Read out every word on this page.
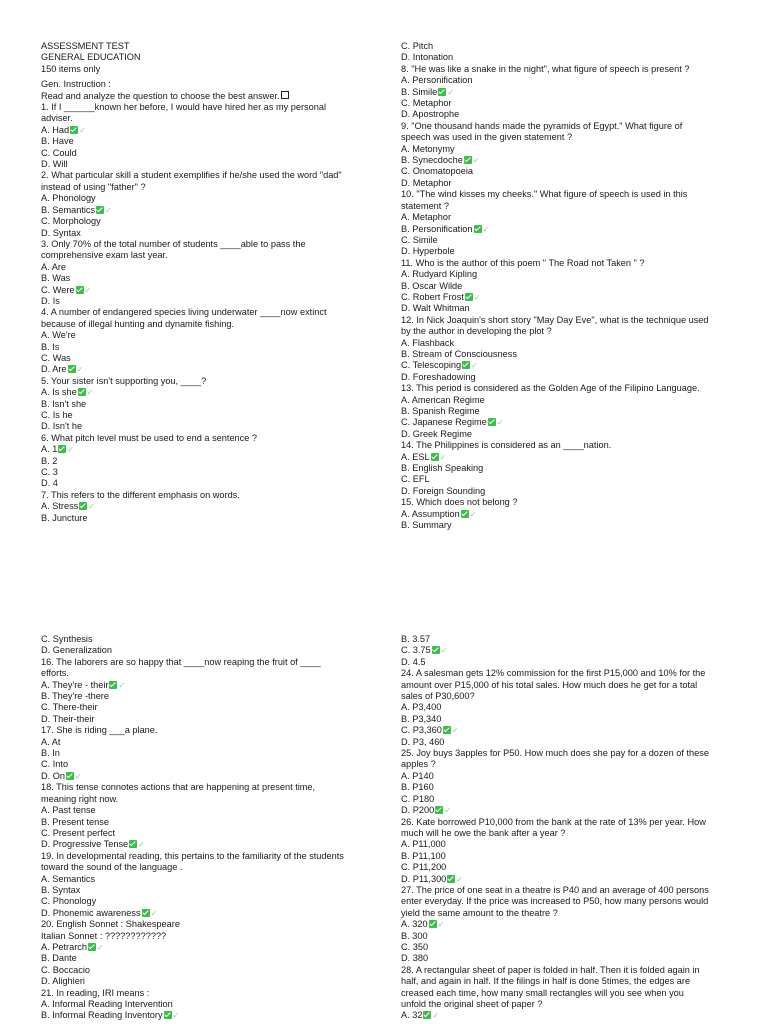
ASSESSMENT TEST
GENERAL EDUCATION
150 items only
Gen. Instruction :
Read and analyze the question to choose the best answer.
1. If I ______known her before, I would have hired her as my personal
adviser.
A. Had ✓
B. Have
C. Could
D. Will
2. What particular skill a student exemplifies if he/she used the word "dad"
instead of using "father" ?
A. Phonology
B. Semantics ✓
C. Morphology
D. Syntax
3. Only 70% of the total number of students ____able to pass the
comprehensive exam last year.
A. Are
B. Was
C. Were ✓
D. Is
4. A number of endangered species living underwater ____now extinct
because of illegal hunting and dynamite fishing.
A. We're
B. Is
C. Was
D. Are ✓
5. Your sister isn't supporting you, ____?
A. Is she ✓
B. Isn't she
C. Is he
D. Isn't he
6. What pitch level must be used to end a sentence ?
A. 1 ✓
B. 2
C. 3
D. 4
7. This refers to the different emphasis on words.
A. Stress ✓
B. Juncture
C. Pitch
D. Intonation
8. "He was like a snake in the night", what figure of speech is present ?
A. Personification
B. Simile ✓
C. Metaphor
D. Apostrophe
9. "One thousand hands made the pyramids of Egypt." What figure of
speech was used in the given statement ?
A. Metonymy
B. Synecdoche ✓
C. Onomatopoeia
D. Metaphor
10. "The wind kisses my cheeks." What figure of speech is used in this
statement ?
A. Metaphor
B. Personification ✓
C. Simile
D. Hyperbole
11. Who is the author of this poem " The Road not Taken " ?
A. Rudyard Kipling
B. Oscar Wilde
C. Robert Frost ✓
D. Walt Whitman
12. In Nick Joaquin's short story "May Day Eve", what is the technique used
by the author in developing the plot ?
A. Flashback
B. Stream of Consciousness
C. Telescoping ✓
D. Foreshadowing
13. This period is considered as the Golden Age of the Filipino Language.
A. American Regime
B. Spanish Regime
C. Japanese Regime ✓
D. Greek Regime
14. The Philippines is considered as an ____nation.
A. ESL ✓
B. English Speaking
C. EFL
D. Foreign Sounding
15. Which does not belong ?
A. Assumption ✓
B. Summary
C. Synthesis
D. Generalization
16. The laborers are so happy that ____now reaping the fruit of ____
efforts.
A. They're - their ✓
B. They're -there
C. There-their
D. Their-their
17. She is riding ___a plane.
A. At
B. In
C. Into
D. On ✓
18. This tense connotes actions that are happening at present time,
meaning right now.
A. Past tense
B. Present tense
C. Present perfect
D. Progressive Tense ✓
19. In developmental reading, this pertains to the familiarity of the students
toward the sound of the language .
A. Semantics
B. Syntax
C. Phonology
D. Phonemic awareness ✓
20. English Sonnet : Shakespeare
Italian Sonnet : ????????????
A. Petrarch ✓
B. Dante
C. Boccacio
D. Alighieri
21. In reading, IRI means :
A. Informal Reading Intervention
B. Informal Reading Inventory ✓
B. 3.57
C. 3.75 ✓
D. 4.5
24. A salesman gets 12% commission for the first P15,000 and 10% for the
amount over P15,000 of his total sales. How much does he get for a total
sales of P30,600?
A. P3,400
B. P3,340
C. P3,360 ✓
D. P3, 460
25. Joy buys 3apples for P50. How much does she pay for a dozen of these
apples ?
A. P140
B. P160
C. P180
D. P200 ✓
26. Kate borrowed P10,000 from the bank at the rate of 13% per year. How
much will he owe the bank after a year ?
A. P11,000
B. P11,100
C. P11,200
D. P11,300 ✓
27. The price of one seat in a theatre is P40 and an average of 400 persons
enter everyday. If the price was increased to P50, how many persons would
yield the same amount to the theatre ?
A. 320 ✓
B. 300
C. 350
D. 380
28. A rectangular sheet of paper is folded in half. Then it is folded again in
half, and again in half. If the filings in half is done 5times, the edges are
creased each time, how many small rectangles will you see when you
unfold the original sheet of paper ?
A. 32 ✓
